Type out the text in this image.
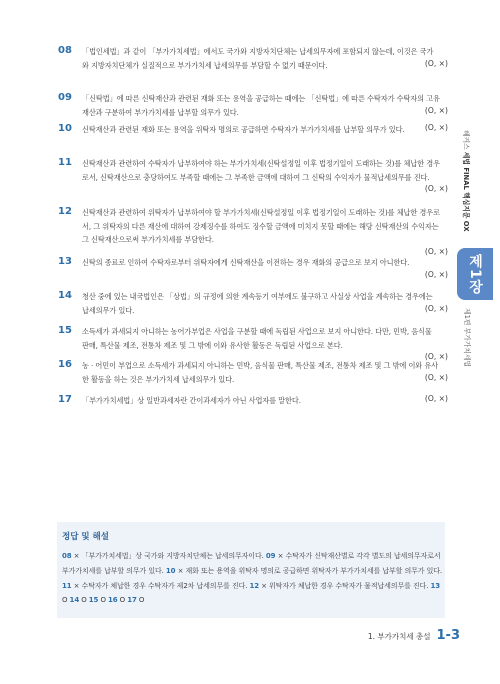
08 「법인세법」과 같이 「부가가치세법」에서도 국가와 지방자치단체는 납세의무자에 포함되지 않는데, 이것은 국가와 지방자치단체가 실질적으로 부가가치세 납세의무를 부담할 수 없기 때문이다.	(O, ×)
09 「신탁법」에 따른 신탁재산과 관련된 재화 또는 용역을 공급하는 때에는 「신탁법」에 따른 수탁자가 수탁자의 고유재산과 구분하여 부가가치세를 납부할 의무가 있다.	(O, ×)
10 신탁재산과 관련된 재화 또는 용역을 위탁자 명의로 공급하면 수탁자가 부가가치세를 납부할 의무가 있다.	(O, ×)
11 신탁재산과 관련하여 수탁자가 납부하여야 하는 부가가치세(신탁설정일 이후 법정기일이 도래하는 것)를 체납한 경우로서, 신탁재산으로 충당하여도 부족할 때에는 그 부족한 금액에 대하여 그 신탁의 수익자가 물적납세의무를 진다.
(O, ×)
12 신탁재산과 관련하여 위탁자가 납부하여야 할 부가가치세(신탁설정일 이후 법정기일이 도래하는 것)를 체납한 경우로서, 그 위탁자의 다른 재산에 대하여 강제징수를 하여도 징수할 금액에 미치지 못할 때에는 해당 신탁재산의 수익자는 그 신탁재산으로써 부가가치세를 부담한다.
(O, ×)
13 신탁의 종료로 인하여 수탁자로부터 위탁자에게 신탁재산을 이전하는 경우 재화의 공급으로 보지 아니한다.
(O, ×)
14 청산 중에 있는 내국법인은 「상법」의 규정에 의한 계속등기 여부에도 불구하고 사실상 사업을 계속하는 경우에는 납세의무가 있다.	(O, ×)
15 소득세가 과세되지 아니하는 농어가부업은 사업을 구분할 때에 독립된 사업으로 보지 아니한다. 다만, 민박, 음식물 판매, 특산물 제조, 전통차 제조 및 그 밖에 이와 유사한 활동은 독립된 사업으로 본다.
(O, ×)
16 농 · 어민이 부업으로 소득세가 과세되지 아니하는 민박, 음식물 판매, 특산물 제조, 전통차 제조 및 그 밖에 이와 유사한 활동을 하는 것은 부가가치세 납세의무가 있다.	(O, ×)
17 「부가가치세법」상 일반과세자란 간이과세자가 아닌 사업자를 말한다.	(O, ×)
해커스 세법 FINAL 핵심지문 OX
제1장
제1편 부가가치세법
정답 및 해설
08 × 「부가가치세법」상 국가와 지방자치단체는 납세의무자이다. 09 × 수탁자가 신탁재산별로 각각 별도의 납세의무자로서 부가가치세를 납부할 의무가 있다. 10 × 재화 또는 용역을 위탁자 명의로 공급하면 위탁자가 부가가치세를 납부할 의무가 있다. 11 × 수탁자가 체납한 경우 수탁자가 제2차 납세의무를 진다. 12 × 위탁자가 체납한 경우 수탁자가 물적납세의무를 진다. 13 O 14 O 15 O 16 O 17 O
1. 부가가치세 총설 1-3
